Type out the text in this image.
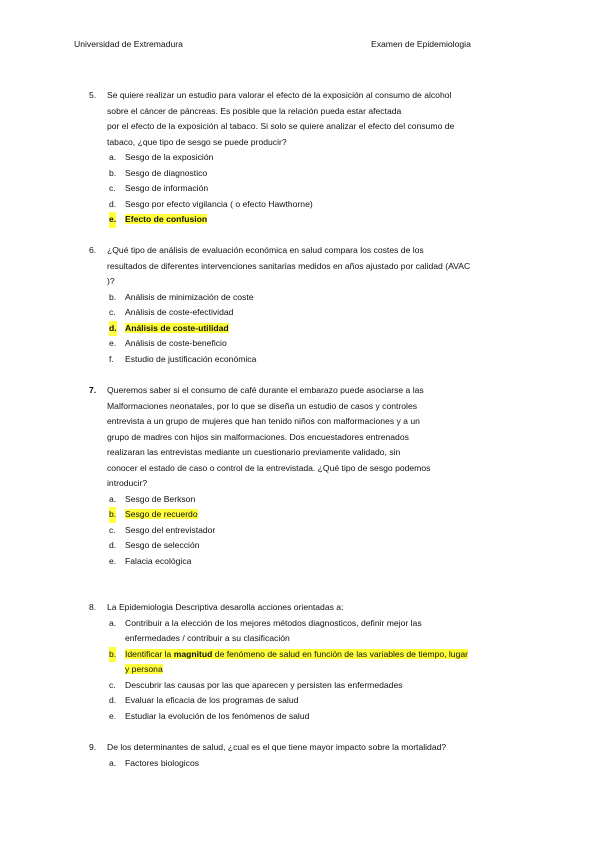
Universidad de Extremadura	Examen de Epidemiologia
5. Se quiere realizar un estudio para valorar el efecto de la exposición al consumo de alcohol
sobre el cáncer de páncreas. Es posible que la relación pueda estar afectada
por el efecto de la exposición al tabaco. Si solo se quiere analizar el efecto del consumo de
tabaco, ¿que tipo de sesgo se puede producir?
a. Sesgo de la exposición
b. Sesgo de diagnostico
c. Sesgo de información
d. Sesgo por efecto vigilancia ( o efecto Hawthorne)
e. Efecto de confusion
6. ¿Qué tipo de análisis de evaluación económica en salud compara los costes de los
resultados de diferentes intervenciones sanitarias medidos en años ajustado por calidad (AVAC
)?
b. Análisis de minimización de coste
c. Análisis de coste-efectividad
d. Análisis de coste-utilidad
e. Análisis de coste-beneficio
f. Estudio de justificación económica
7. Queremos saber si el consumo de café durante el embarazo puede asociarse a las
Malformaciones neonatales, por lo que se diseña un estudio de casos y controles
entrevista a un grupo de mujeres que han tenido niños con malformaciones y a un
grupo de madres con hijos sin malformaciones. Dos encuestadores entrenados
realizaran las entrevistas mediante un cuestionario previamente validado, sin
conocer el estado de caso o control de la entrevistada. ¿Qué tipo de sesgo podemos
introducir?
a. Sesgo de Berkson
b. Sesgo de recuerdo
c. Sesgo del entrevistador
d. Sesgo de selección
e. Falacia ecológica
8. La Epidemiologia Descriptiva desarolla acciones orientadas a:
a. Contribuir a la elección de los mejores métodos diagnosticos, definir mejor las
enfermedades / contribuir a su clasificación
b. Identificar la magnitud de fenómeno de salud en función de las variables de tiempo, lugar
y persona
c. Descubrir las causas por las que aparecen y persisten las enfermedades
d. Evaluar la eficacia de los programas de salud
e. Estudiar la evolución de los fenómenos de salud
9. De los determinantes de salud, ¿cual es el que tiene mayor impacto sobre la mortalidad?
a. Factores biologicos
